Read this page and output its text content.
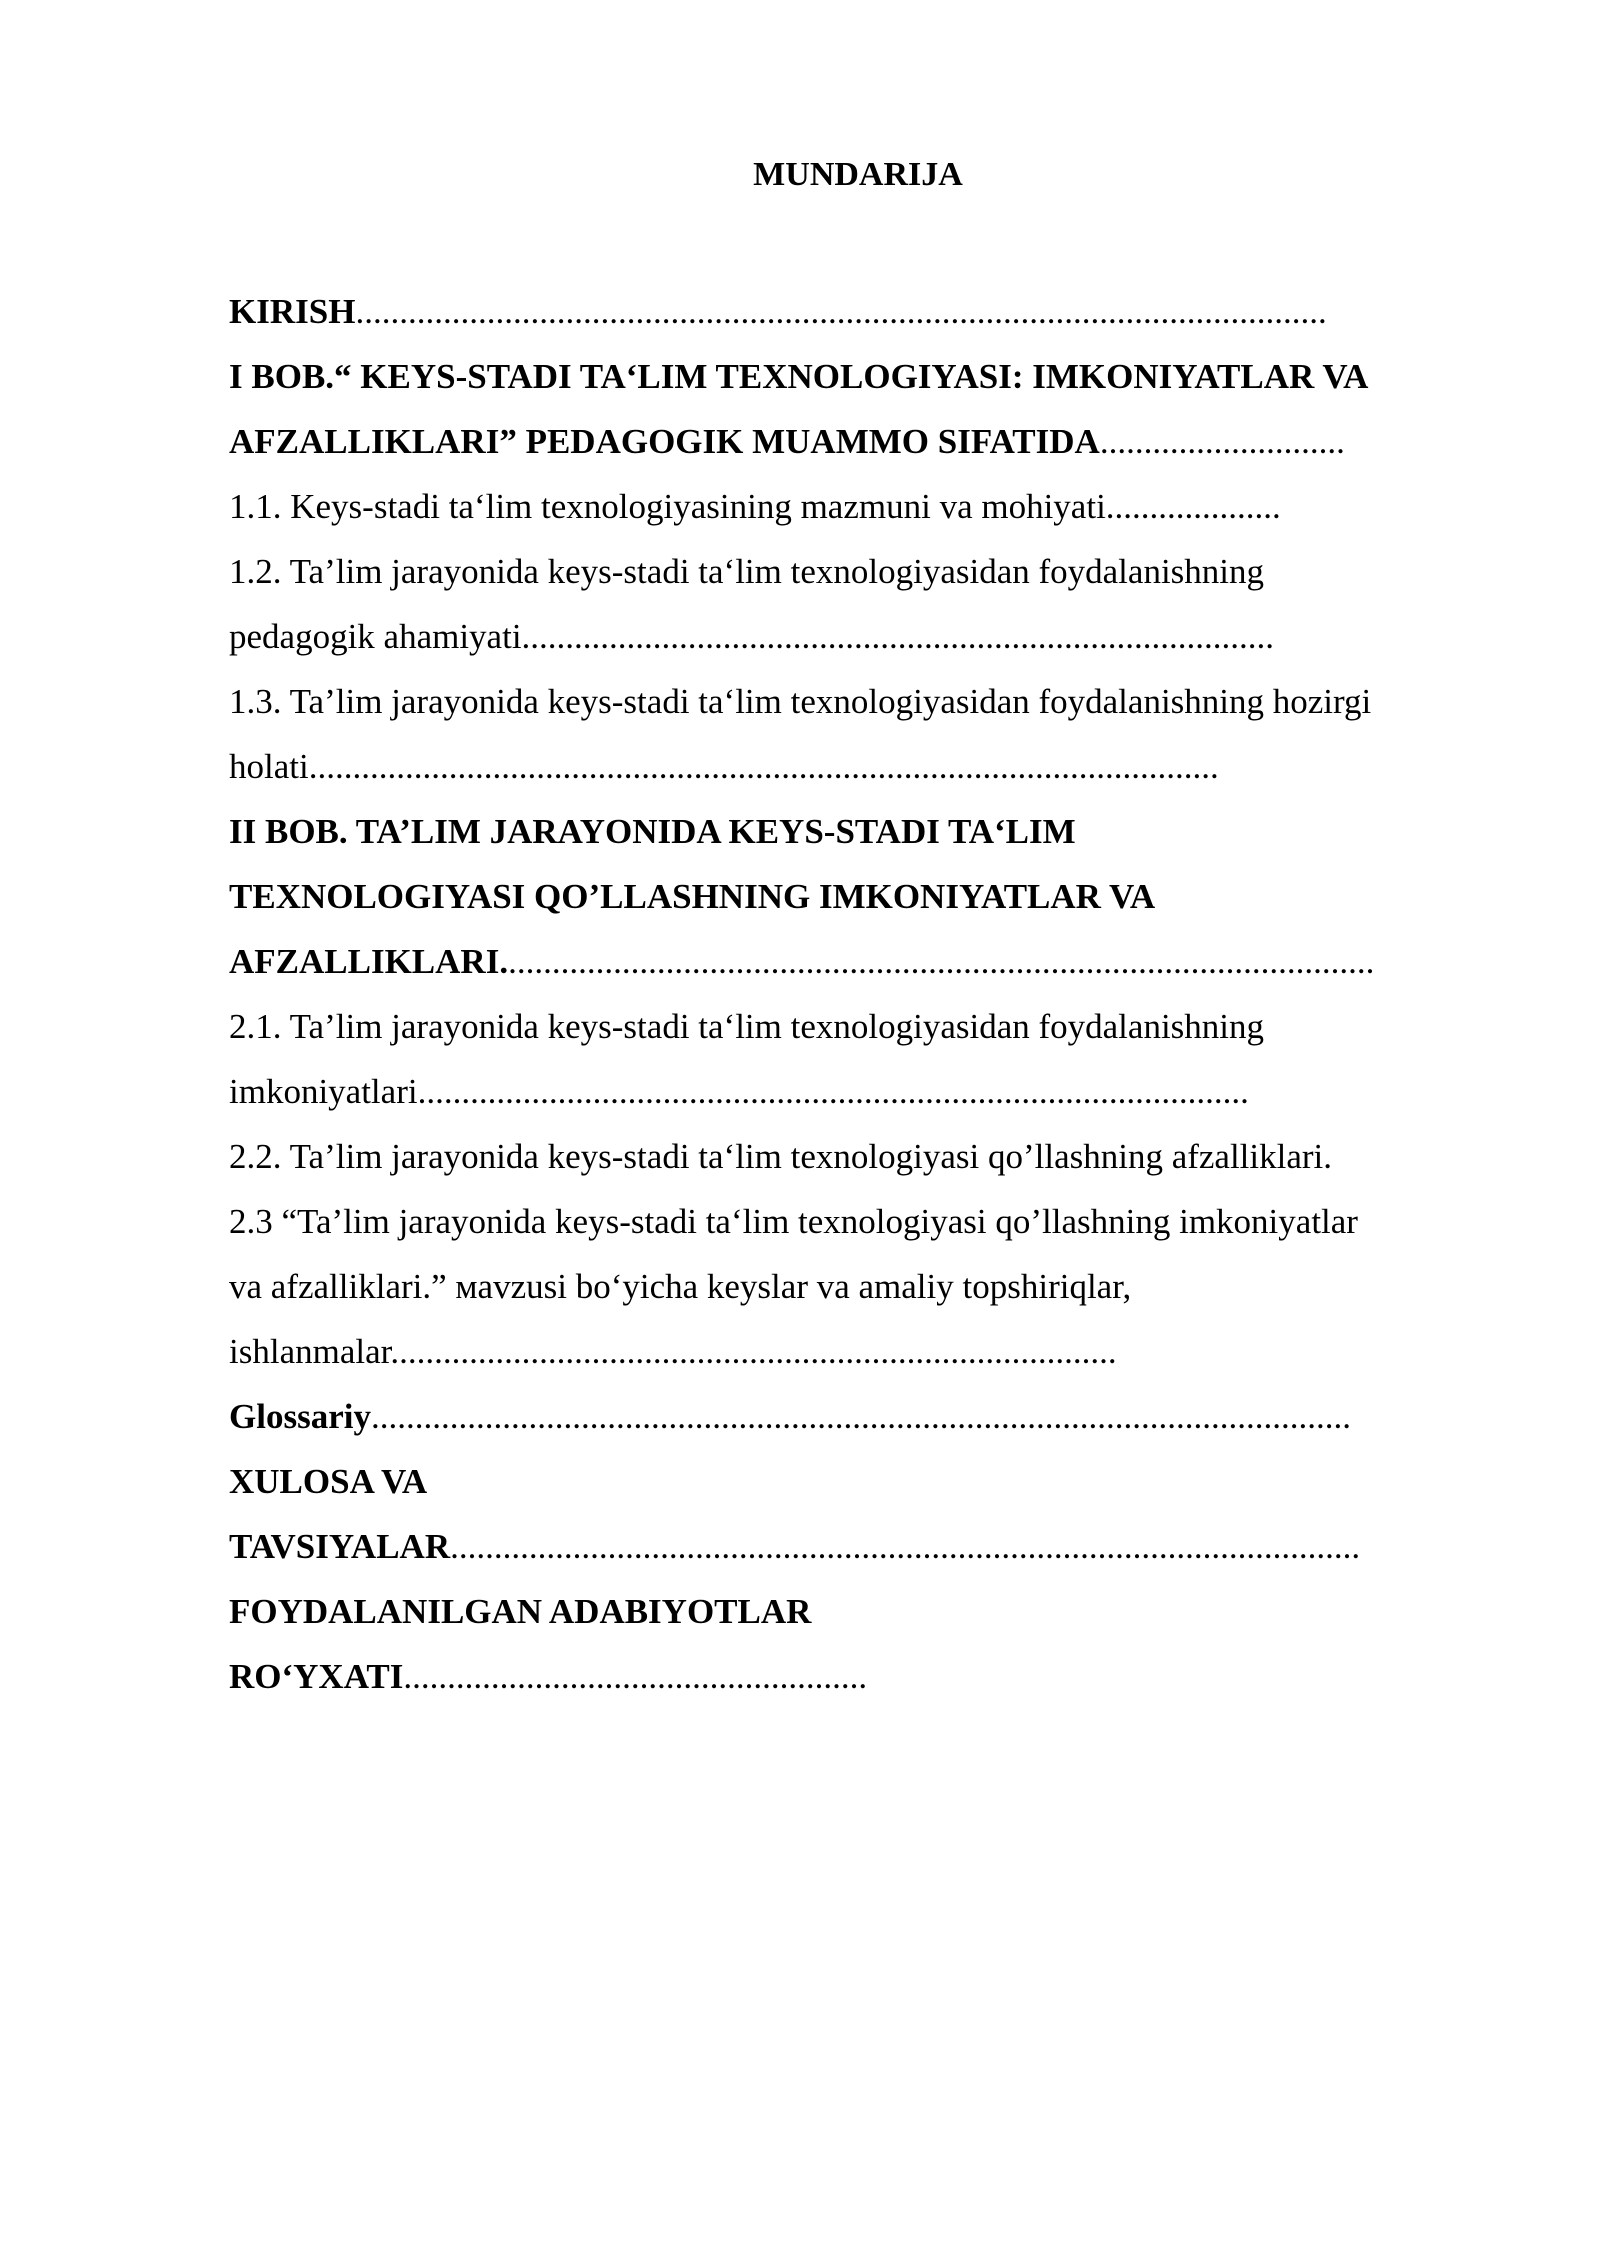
MUNDARIJA
KIRISH...............................................................................................................
I BOB.“ KEYS-STADI TA‘LIM TEXNOLOGIYASI: IMKONIYATLAR VA
AFZALLIKLARI” PEDAGOGIK MUAMMO SIFATIDA............................
1.1. Keys-stadi ta‘lim texnologiyasining mazmuni va mohiyati....................
1.2. Ta’lim jarayonida keys-stadi ta‘lim texnologiyasidan foydalanishning
pedagogik ahamiyati......................................................................................
1.3. Ta’lim jarayonida keys-stadi ta‘lim texnologiyasidan foydalanishning hozirgi
holati........................................................................................................
II BOB. TA’LIM JARAYONIDA KEYS-STADI TA‘LIM
TEXNOLOGIYASI QO’LLASHNING IMKONIYATLAR VA
AFZALLIKLARI....................................................................................................
2.1. Ta’lim jarayonida keys-stadi ta‘lim texnologiyasidan foydalanishning
imkoniyatlari...............................................................................................
2.2. Ta’lim jarayonida keys-stadi ta‘lim texnologiyasi qo’llashning afzalliklari.
2.3 “Ta’lim jarayonida keys-stadi ta‘lim texnologiyasi qo’llashning imkoniyatlar
va afzalliklari.” мavzusi bo‘yicha keyslar va amaliy topshiriqlar,
ishlanmalar...................................................................................
Glossariy................................................................................................................
XULOSA VA
TAVSIYALAR........................................................................................................
FOYDALANILGAN ADABIYOTLAR
RO‘YXATI.....................................................
